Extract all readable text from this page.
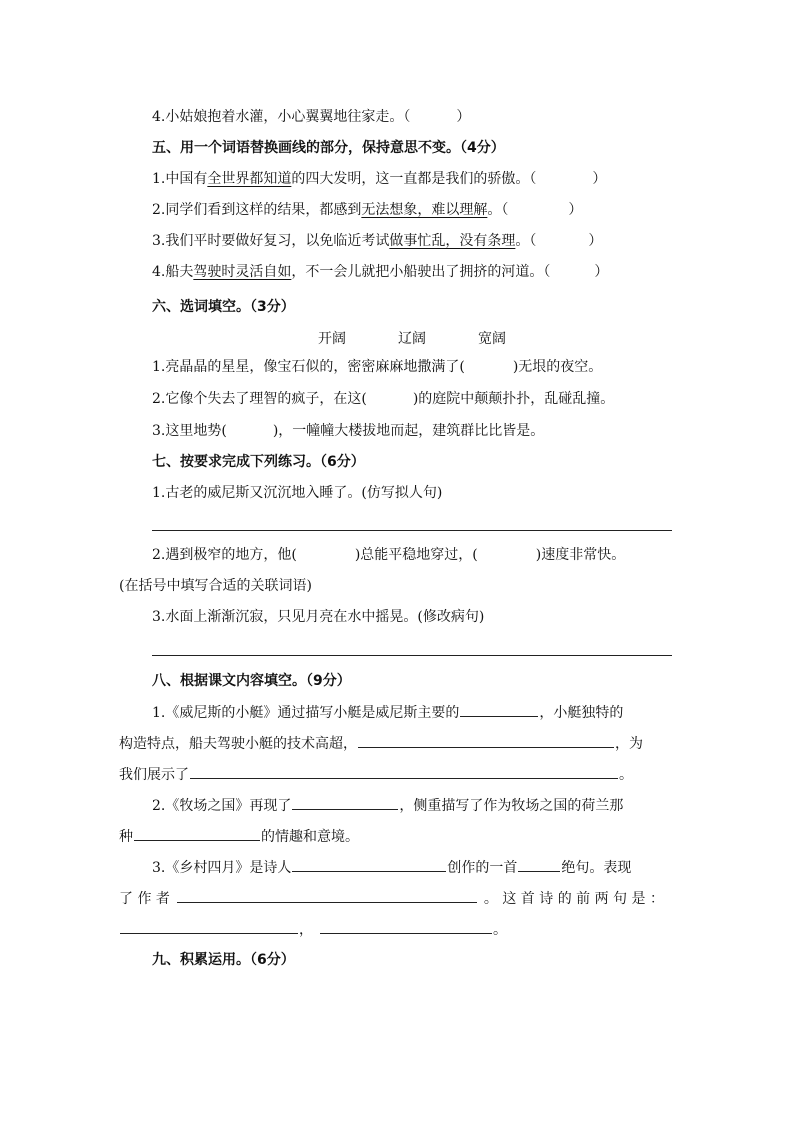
4.小姑娘抱着水灌，小心翼翼地往家走。（	）
五、用一个词语替换画线的部分，保持意思不变。（4分）
1.中国有全世界都知道的四大发明，这一直都是我们的骄傲。（	）
2.同学们看到这样的结果，都感到无法想象，难以理解。（	）
3.我们平时要做好复习，以免临近考试做事忙乱，没有条理。（	）
4.船夫驾驶时灵活自如，不一会儿就把小船驶出了拥挤的河道。（	）
六、选词填空。（3分）
开阔	辽阔	宽阔
1.亮晶晶的星星，像宝石似的，密密麻麻地撒满了(	)无垠的夜空。
2.它像个失去了理智的疯子，在这(	)的庭院中颠颠扑扑，乱碰乱撞。
3.这里地势(	)，一幢幢大楼拔地而起，建筑群比比皆是。
七、按要求完成下列练习。（6分）
1.古老的威尼斯又沉沉地入睡了。(仿写拟人句)
2.遇到极窄的地方，他(	)总能平稳地穿过，(	)速度非常快。
(在括号中填写合适的关联词语)
3.水面上渐渐沉寂，只见月亮在水中摇晃。(修改病句)
八、根据课文内容填空。（9分）
1.《威尼斯的小艇》通过描写小艇是威尼斯主要的	，小艇独特的
构造特点，船夫驾驶小艇的技术高超，	，为
我们展示了	。
2.《牧场之国》再现了	，侧重描写了作为牧场之国的荷兰那
种	的情趣和意境。
3.《乡村四月》是诗人	创作的一首	绝句。表现
了 作 者	。 这 首 诗 的 前 两 句 是 ：
，	。
九、积累运用。（6分）
